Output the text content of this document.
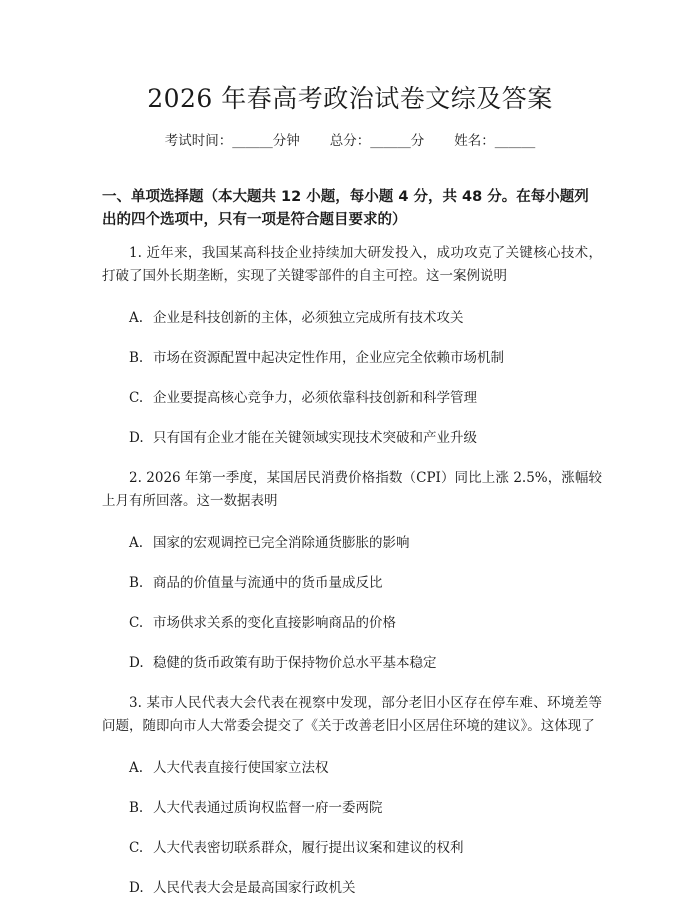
2026 年春高考政治试卷文综及答案
考试时间：______分钟 总分：______分 姓名：______
一、单项选择题（本大题共 12 小题，每小题 4 分，共 48 分。在每小题列出的四个选项中，只有一项是符合题目要求的）

1. 近年来，我国某高科技企业持续加大研发投入，成功攻克了关键核心技术，打破了国外长期垄断，实现了关键零部件的自主可控。这一案例说明

A. 企业是科技创新的主体，必须独立完成所有技术攻关
B. 市场在资源配置中起决定性作用，企业应完全依赖市场机制
C. 企业要提高核心竞争力，必须依靠科技创新和科学管理
D. 只有国有企业才能在关键领域实现技术突破和产业升级

2. 2026 年第一季度，某国居民消费价格指数（CPI）同比上涨 2.5%，涨幅较上月有所回落。这一数据表明

A. 国家的宏观调控已完全消除通货膨胀的影响
B. 商品的价值量与流通中的货币量成反比
C. 市场供求关系的变化直接影响商品的价格
D. 稳健的货币政策有助于保持物价总水平基本稳定

3. 某市人民代表大会代表在视察中发现，部分老旧小区存在停车难、环境差等问题，随即向市人大常委会提交了《关于改善老旧小区居住环境的建议》。这体现了

A. 人大代表直接行使国家立法权
B. 人大代表通过质询权监督一府一委两院
C. 人大代表密切联系群众，履行提出议案和建议的权利
D. 人民代表大会是最高国家行政机关
